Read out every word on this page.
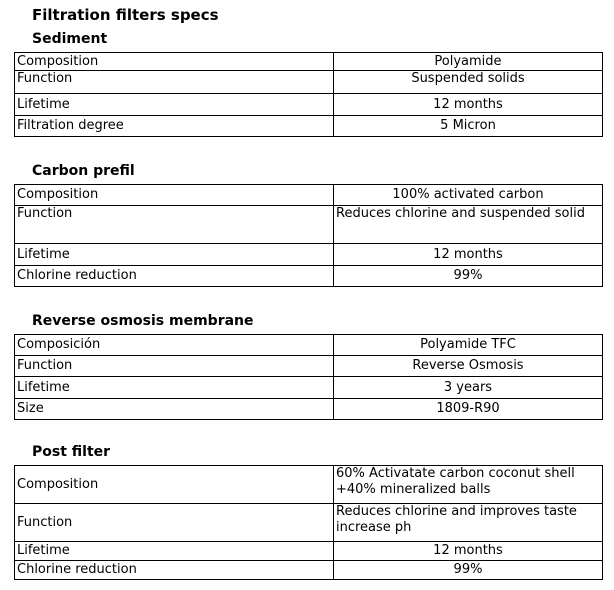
Filtration filters specs
Sediment
Composition	Polyamide
Function	Suspended solids
Lifetime	12 months
Filtration degree	5 Micron
Carbon prefil
Composition	100% activated carbon
Function	Reduces chlorine and suspended solid
Lifetime	12 months
Chlorine reduction	99%
Reverse osmosis membrane
Composición	Polyamide TFC
Function	Reverse Osmosis
Lifetime	3 years
Size	1809-R90
Post filter
Composition	60% Activatate carbon coconut shell +40% mineralized balls
Function	Reduces chlorine and improves taste increase ph
Lifetime	12 months
Chlorine reduction	99%
